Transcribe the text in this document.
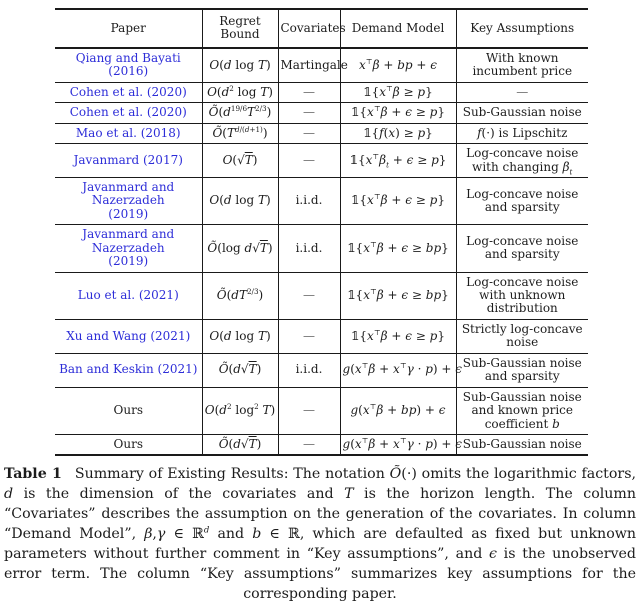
Paper	Regret Bound	Covariates	Demand Model	Key Assumptions
Qiang and Bayati (2016)	O(d log T)	Martingale	x⊤β + bp + ϵ	With known incumbent price
Cohen et al. (2020)	$O(d^2$ log T)	—	𝟙{x⊤β ≥ p}	—
Cohen et al. (2020)	$Õ(d^{19/6}T^{2/3})$	—	𝟙{x⊤β + ϵ ≥ p}	Sub-Gaussian noise
Mao et al. (2018)	$Õ(T^{d/(d+1)})$	—	𝟙{f(x) ≥ p}	f(·) is Lipschitz
Javanmard (2017)	O(√T)	—	$𝟙\{x^⊤\beta_t + \epsilon \ge p\}$	Log-concave noise with changing $\beta_t$
Javanmard and Nazerzadeh
(2019)	O(d log T)	i.i.d.	𝟙{x⊤β + ϵ ≥ p}	Log-concave noise and sparsity
Javanmard and Nazerzadeh
(2019)	Õ(log d√T)	i.i.d.	𝟙{x⊤β + ϵ ≥ bp}	Log-concave noise and sparsity
Luo et al. (2021)	$Õ(dT^{2/3})$	—	𝟙{x⊤β + ϵ ≥ bp}	Log-concave noise with unknown distribution
Xu and Wang (2021)	O(d log T)	—	𝟙{x⊤β + ϵ ≥ p}	Strictly log-concave noise
Ban and Keskin (2021)	Õ(d√T)	i.i.d.	g(x⊤β + x⊤γ · p) + ϵ	Sub-Gaussian noise and sparsity
Ours	$O(d^2$ $\log^2 T$)	—	g(x⊤β + bp) + ϵ	Sub-Gaussian noise and known price coefficient b
Ours	Õ(d√T)	—	g(x⊤β + x⊤γ · p) + ϵ	Sub-Gaussian noise
Table 1 Summary of Existing Results: The notation Õ(·) omits the logarithmic factors, d is the dimension of the covariates and T is the horizon length. The column “Covariates” describes the assumption on the generation of the covariates. In column “Demand Model”, β,γ ∈ ℝ$^d$ and b ∈ ℝ, which are defaulted as fixed but unknown parameters without further comment in “Key assumptions”, and ϵ is the unobserved error term. The column “Key assumptions” summarizes key assumptions for the corresponding paper.
